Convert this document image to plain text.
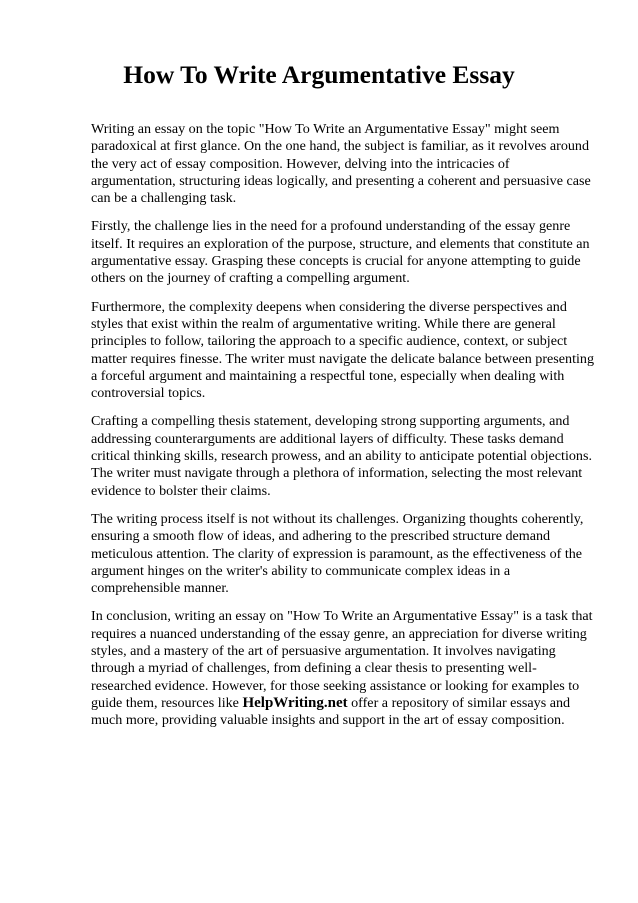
How To Write Argumentative Essay

Writing an essay on the topic "How To Write an Argumentative Essay" might seem paradoxical at first glance. On the one hand, the subject is familiar, as it revolves around the very act of essay composition. However, delving into the intricacies of argumentation, structuring ideas logically, and presenting a coherent and persuasive case can be a challenging task.

Firstly, the challenge lies in the need for a profound understanding of the essay genre itself. It requires an exploration of the purpose, structure, and elements that constitute an argumentative essay. Grasping these concepts is crucial for anyone attempting to guide others on the journey of crafting a compelling argument.

Furthermore, the complexity deepens when considering the diverse perspectives and styles that exist within the realm of argumentative writing. While there are general principles to follow, tailoring the approach to a specific audience, context, or subject matter requires finesse. The writer must navigate the delicate balance between presenting a forceful argument and maintaining a respectful tone, especially when dealing with controversial topics.

Crafting a compelling thesis statement, developing strong supporting arguments, and addressing counterarguments are additional layers of difficulty. These tasks demand critical thinking skills, research prowess, and an ability to anticipate potential objections. The writer must navigate through a plethora of information, selecting the most relevant evidence to bolster their claims.

The writing process itself is not without its challenges. Organizing thoughts coherently, ensuring a smooth flow of ideas, and adhering to the prescribed structure demand meticulous attention. The clarity of expression is paramount, as the effectiveness of the argument hinges on the writer's ability to communicate complex ideas in a comprehensible manner.

In conclusion, writing an essay on "How To Write an Argumentative Essay" is a task that requires a nuanced understanding of the essay genre, an appreciation for diverse writing styles, and a mastery of the art of persuasive argumentation. It involves navigating through a myriad of challenges, from defining a clear thesis to presenting well-researched evidence. However, for those seeking assistance or looking for examples to guide them, resources like HelpWriting.net offer a repository of similar essays and much more, providing valuable insights and support in the art of essay composition.
